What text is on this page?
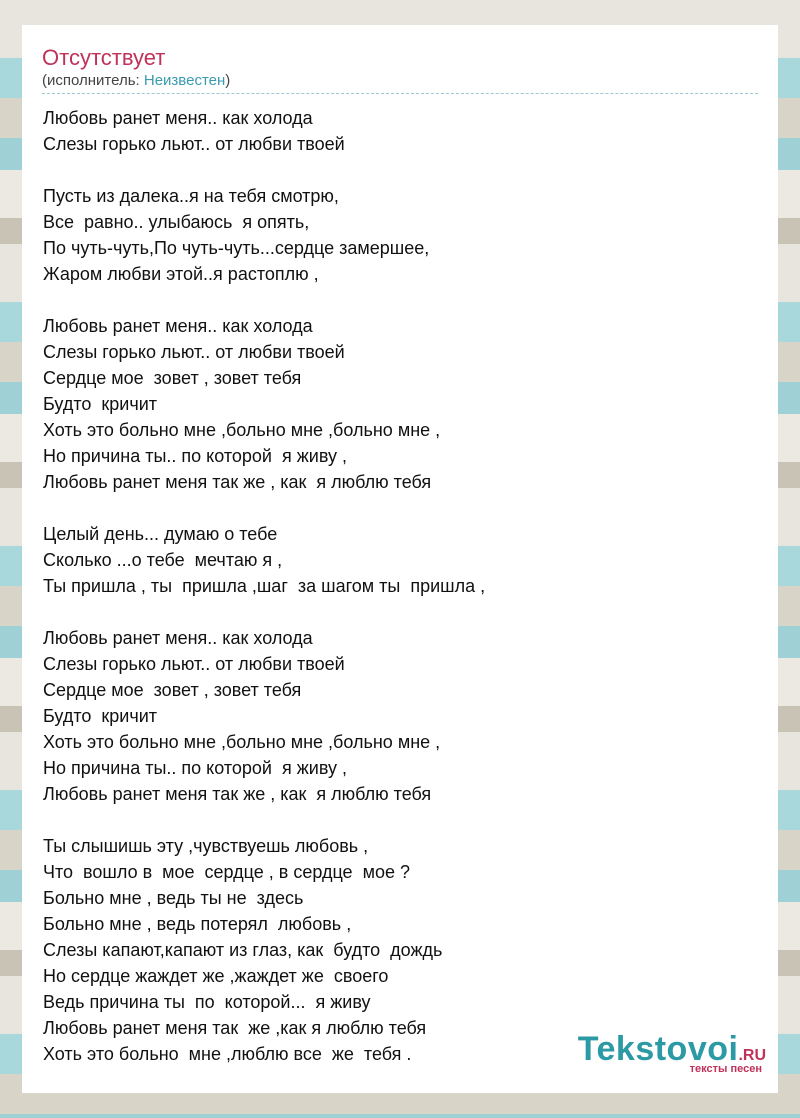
Отсутствует
(исполнитель: Неизвестен)
Любовь ранет меня.. как холода
Слезы горько льют.. от любви твоей

Пусть из далека..я на тебя смотрю,
Все  равно.. улыбаюсь  я опять,
По чуть-чуть,По чуть-чуть...сердце замершее,
Жаром любви этой..я растоплю ,

Любовь ранет меня.. как холода
Слезы горько льют.. от любви твоей
Сердце мое  зовет , зовет тебя
Будто  кричит
Хоть это больно мне ,больно мне ,больно мне ,
Но причина ты.. по которой  я живу ,
Любовь ранет меня так же , как  я люблю тебя

Целый день... думаю о тебе
Сколько ...о тебе  мечтаю я ,
Ты пришла , ты  пришла ,шаг  за шагом ты  пришла ,

Любовь ранет меня.. как холода
Слезы горько льют.. от любви твоей
Сердце мое  зовет , зовет тебя
Будто  кричит
Хоть это больно мне ,больно мне ,больно мне ,
Но причина ты.. по которой  я живу ,
Любовь ранет меня так же , как  я люблю тебя

Ты слышишь эту ,чувствуешь любовь ,
Что  вошло в  мое  сердце , в сердце  мое ?
Больно мне , ведь ты не  здесь
Больно мне , ведь потерял  любовь ,
Слезы капают,капают из глаз, как  будто  дождь
Но сердце жаждет же ,жаждет же  своего
Ведь причина ты  по  которой...  я живу
Любовь ранет меня так  же ,как я люблю тебя
Хоть это больно  мне ,люблю все  же  тебя .	Tekstovoi.RU
тексты песен
